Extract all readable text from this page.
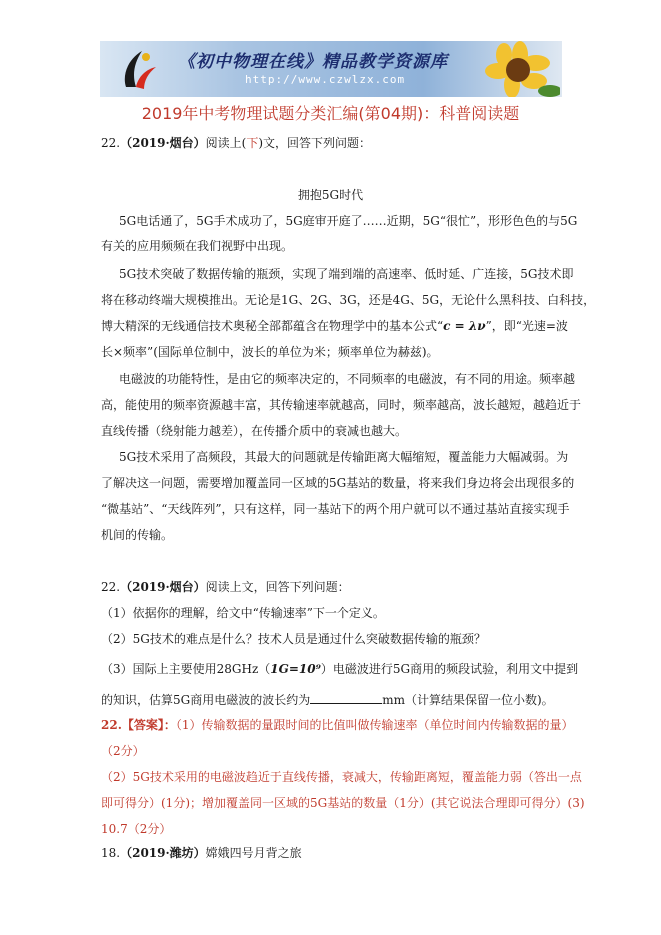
《初中物理在线》精品教学资源库
http://www.czwlzx.com
2019年中考物理试题分类汇编(第04期)：科普阅读题
22.（2019·烟台）阅读上(下)文，回答下列问题：
拥抱5G时代
5G电话通了，5G手术成功了，5G庭审开庭了……近期，5G“很忙”，形形色色的与5G
有关的应用频频在我们视野中出现。
5G技术突破了数据传输的瓶颈，实现了端到端的高速率、低时延、广连接，5G技术即
将在移动终端大规模推出。无论是1G、2G、3G，还是4G、5G，无论什么黑科技、白科技，
博大精深的无线通信技术奥秘全部都蕴含在物理学中的基本公式“c = λν”，即“光速=波
长×频率”(国际单位制中，波长的单位为米；频率单位为赫兹)。
电磁波的功能特性，是由它的频率决定的，不同频率的电磁波，有不同的用途。频率越
高，能使用的频率资源越丰富，其传输速率就越高，同时，频率越高，波长越短，越趋近于
直线传播（绕射能力越差），在传播介质中的衰减也越大。
5G技术采用了高频段，其最大的问题就是传输距离大幅缩短，覆盖能力大幅减弱。为
了解决这一问题，需要增加覆盖同一区域的5G基站的数量，将来我们身边将会出现很多的
“微基站”、“天线阵列”，只有这样，同一基站下的两个用户就可以不通过基站直接实现手
机间的传输。
22.（2019·烟台）阅读上文，回答下列问题：
（1）依据你的理解，给文中“传输速率”下一个定义。
（2）5G技术的难点是什么？技术人员是通过什么突破数据传输的瓶颈？
（3）国际上主要使用28GHz（1G=10⁹）电磁波进行5G商用的频段试验，利用文中提到
的知识，估算5G商用电磁波的波长约为	mm（计算结果保留一位小数)。
22.【答案】：（1）传输数据的量跟时间的比值叫做传输速率（单位时间内传输数据的量）
（2分）
（2）5G技术采用的电磁波趋近于直线传播，衰减大，传输距离短，覆盖能力弱（答出一点
即可得分）(1分)；增加覆盖同一区域的5G基站的数量（1分）(其它说法合理即可得分）(3)
10.7（2分）
18.（2019·潍坊）嫦娥四号月背之旅
